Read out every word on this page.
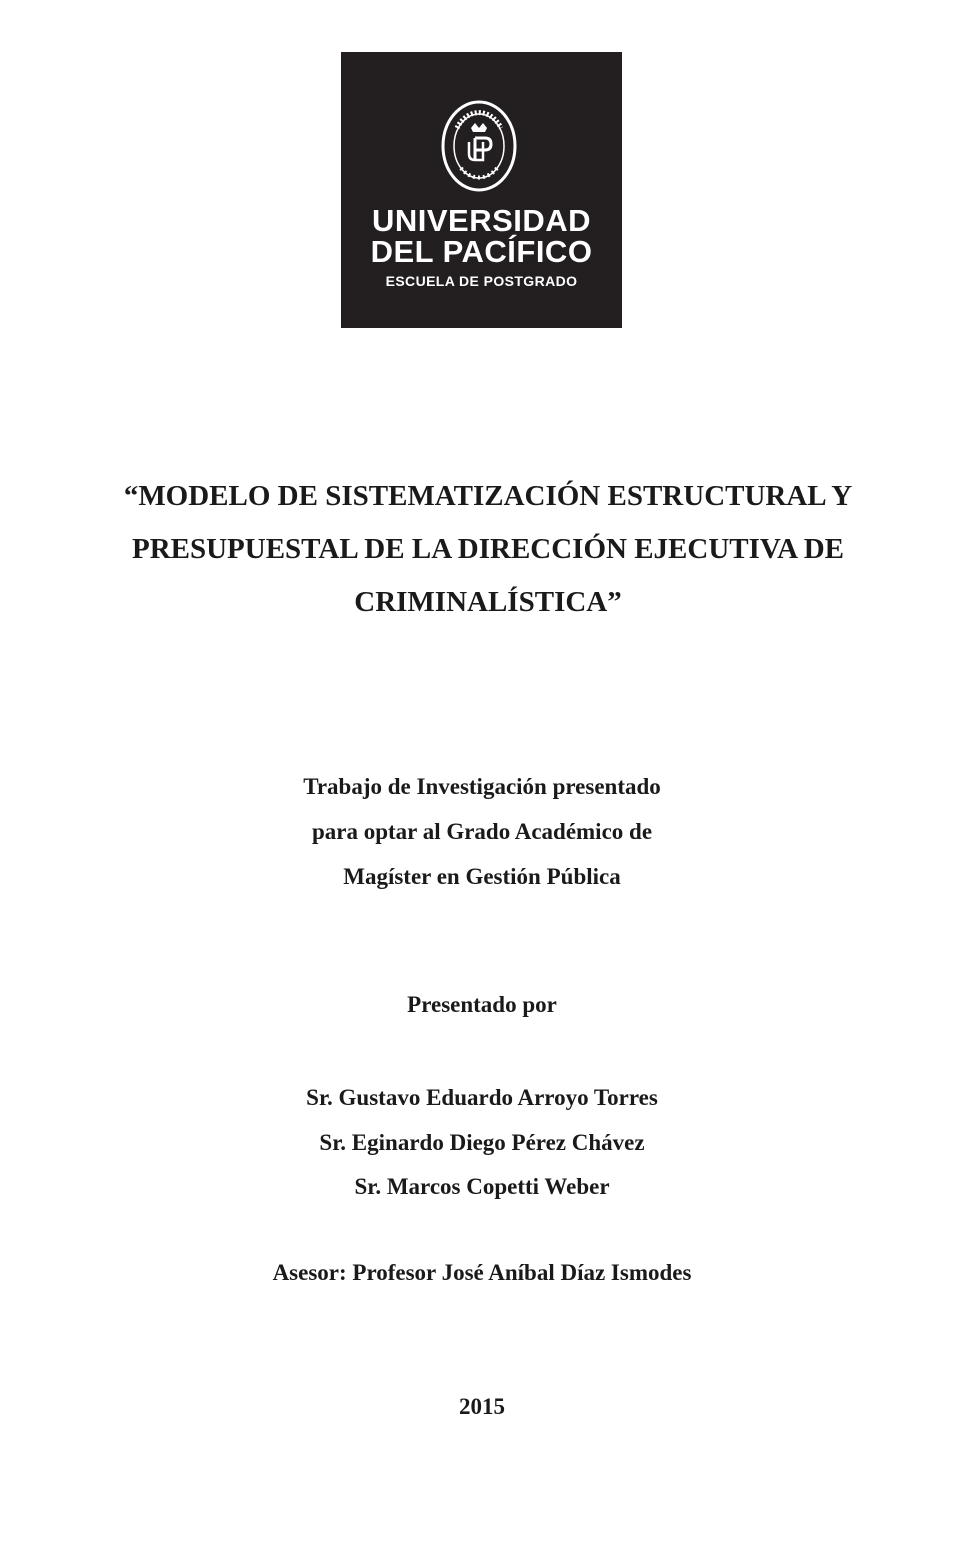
UNIVERSIDAD
DEL PACÍFICO
ESCUELA DE POSTGRADO
“MODELO DE SISTEMATIZACIÓN ESTRUCTURAL Y
PRESUPUESTAL DE LA DIRECCIÓN EJECUTIVA DE
CRIMINALÍSTICA”
Trabajo de Investigación presentado
para optar al Grado Académico de
Magíster en Gestión Pública
Presentado por
Sr. Gustavo Eduardo Arroyo Torres
Sr. Eginardo Diego Pérez Chávez
Sr. Marcos Copetti Weber
Asesor: Profesor José Aníbal Díaz Ismodes
2015
